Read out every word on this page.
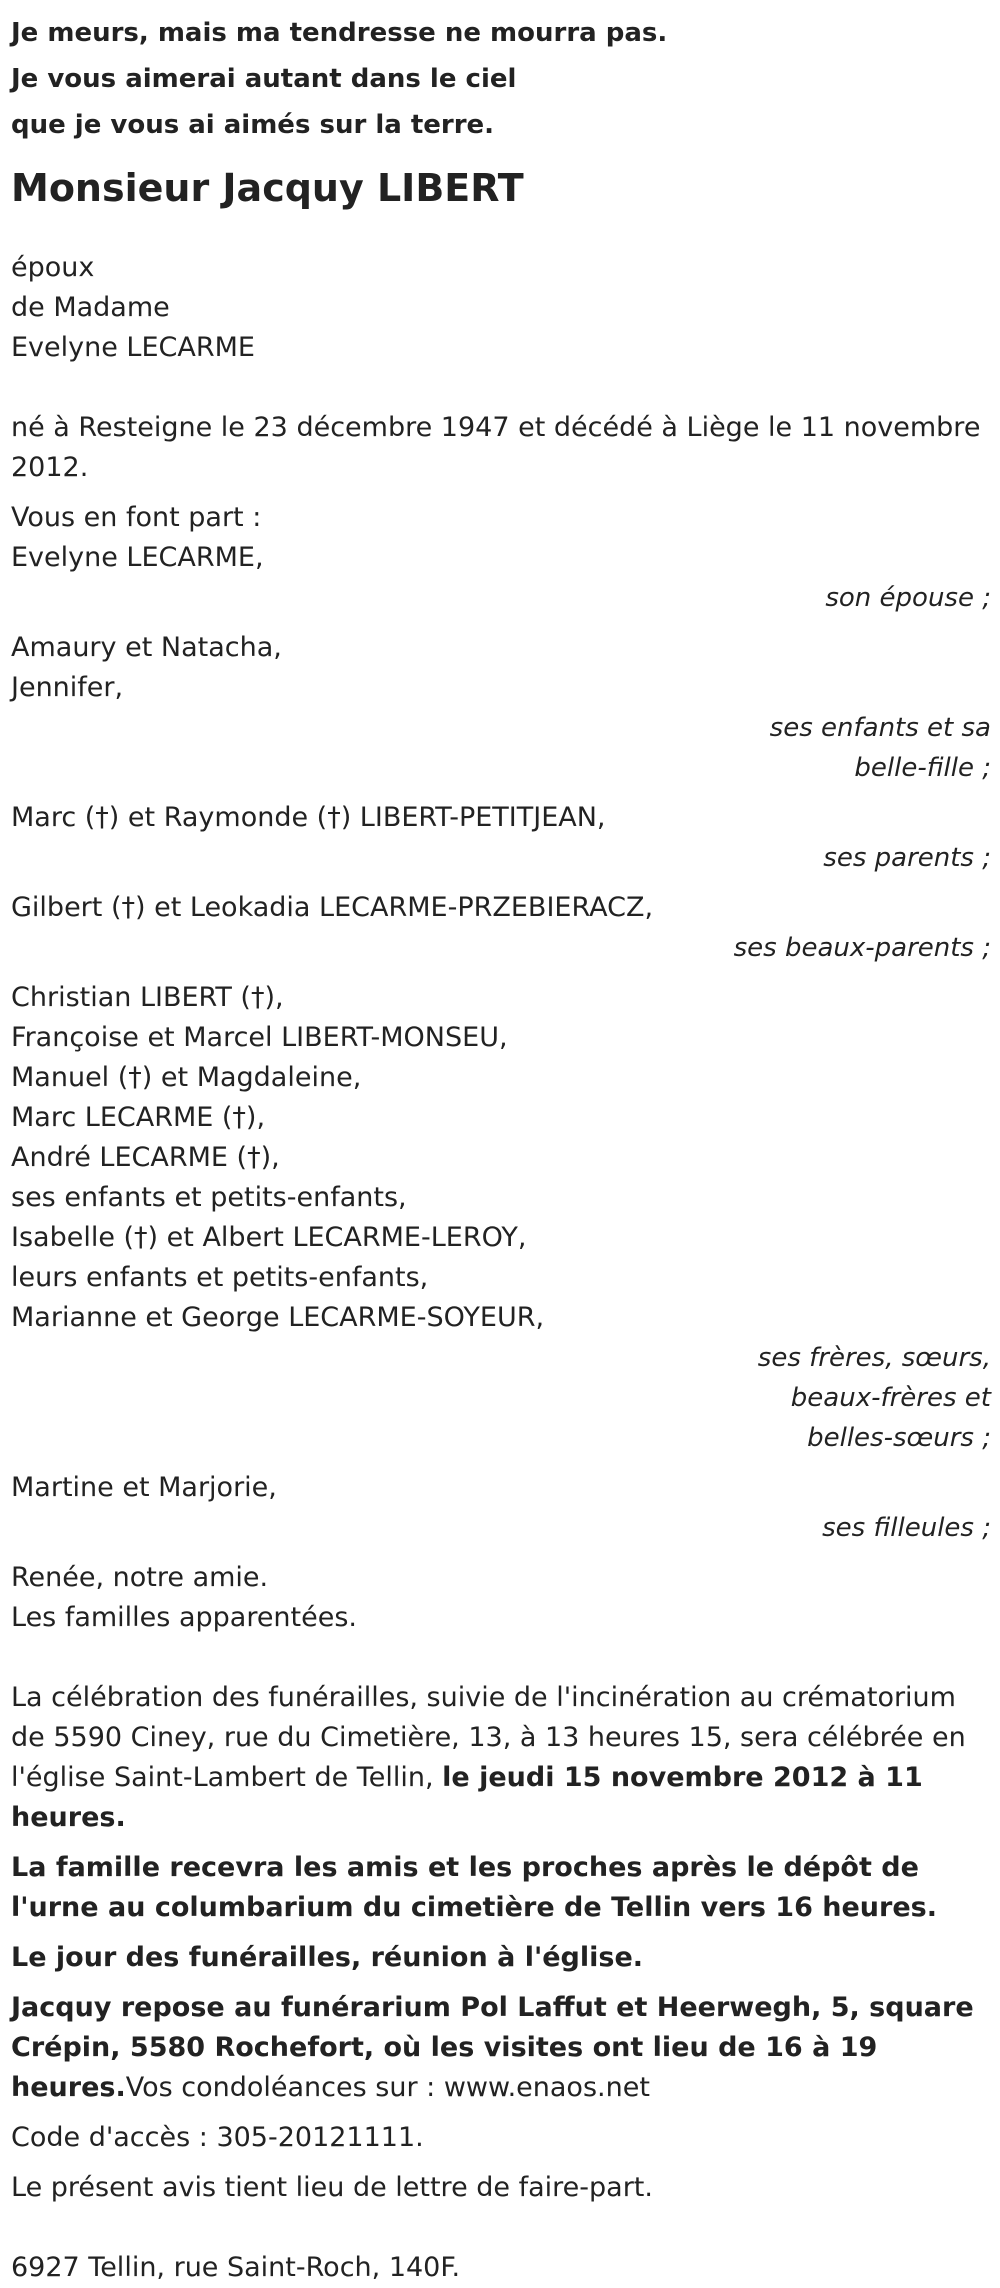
Je meurs, mais ma tendresse ne mourra pas.

Je vous aimerai autant dans le ciel

que je vous ai aimés sur la terre.

Monsieur Jacquy LIBERT

époux

de Madame

Evelyne LECARME

né à Resteigne le 23 décembre 1947 et décédé à Liège le 11 novembre 2012.

Vous en font part :

Evelyne LECARME,

son épouse ;

Amaury et Natacha,

Jennifer,

ses enfants et sa

belle-fille ;

Marc (†) et Raymonde (†) LIBERT-PETITJEAN,

ses parents ;

Gilbert (†) et Leokadia LECARME-PRZEBIERACZ,

ses beaux-parents ;

Christian LIBERT (†),

Françoise et Marcel LIBERT-MONSEU,

Manuel (†) et Magdaleine,

Marc LECARME (†),

André LECARME (†),

ses enfants et petits-enfants,

Isabelle (†) et Albert LECARME-LEROY,

leurs enfants et petits-enfants,

Marianne et George LECARME-SOYEUR,

ses frères, sœurs,

beaux-frères et

belles-sœurs ;

Martine et Marjorie,

ses filleules ;

Renée, notre amie.

Les familles apparentées.

La célébration des funérailles, suivie de l'incinération au crématorium de 5590 Ciney, rue du Cimetière, 13, à 13 heures 15, sera célébrée en l'église Saint-Lambert de Tellin, le jeudi 15 novembre 2012 à 11 heures.

La famille recevra les amis et les proches après le dépôt de l'urne au columbarium du cimetière de Tellin vers 16 heures.

Le jour des funérailles, réunion à l'église.

Jacquy repose au funérarium Pol Laffut et Heerwegh, 5, square Crépin, 5580 Rochefort, où les visites ont lieu de 16 à 19 heures.Vos condoléances sur : www.enaos.net

Code d'accès : 305-20121111.

Le présent avis tient lieu de lettre de faire-part.

6927 Tellin, rue Saint-Roch, 140F.
